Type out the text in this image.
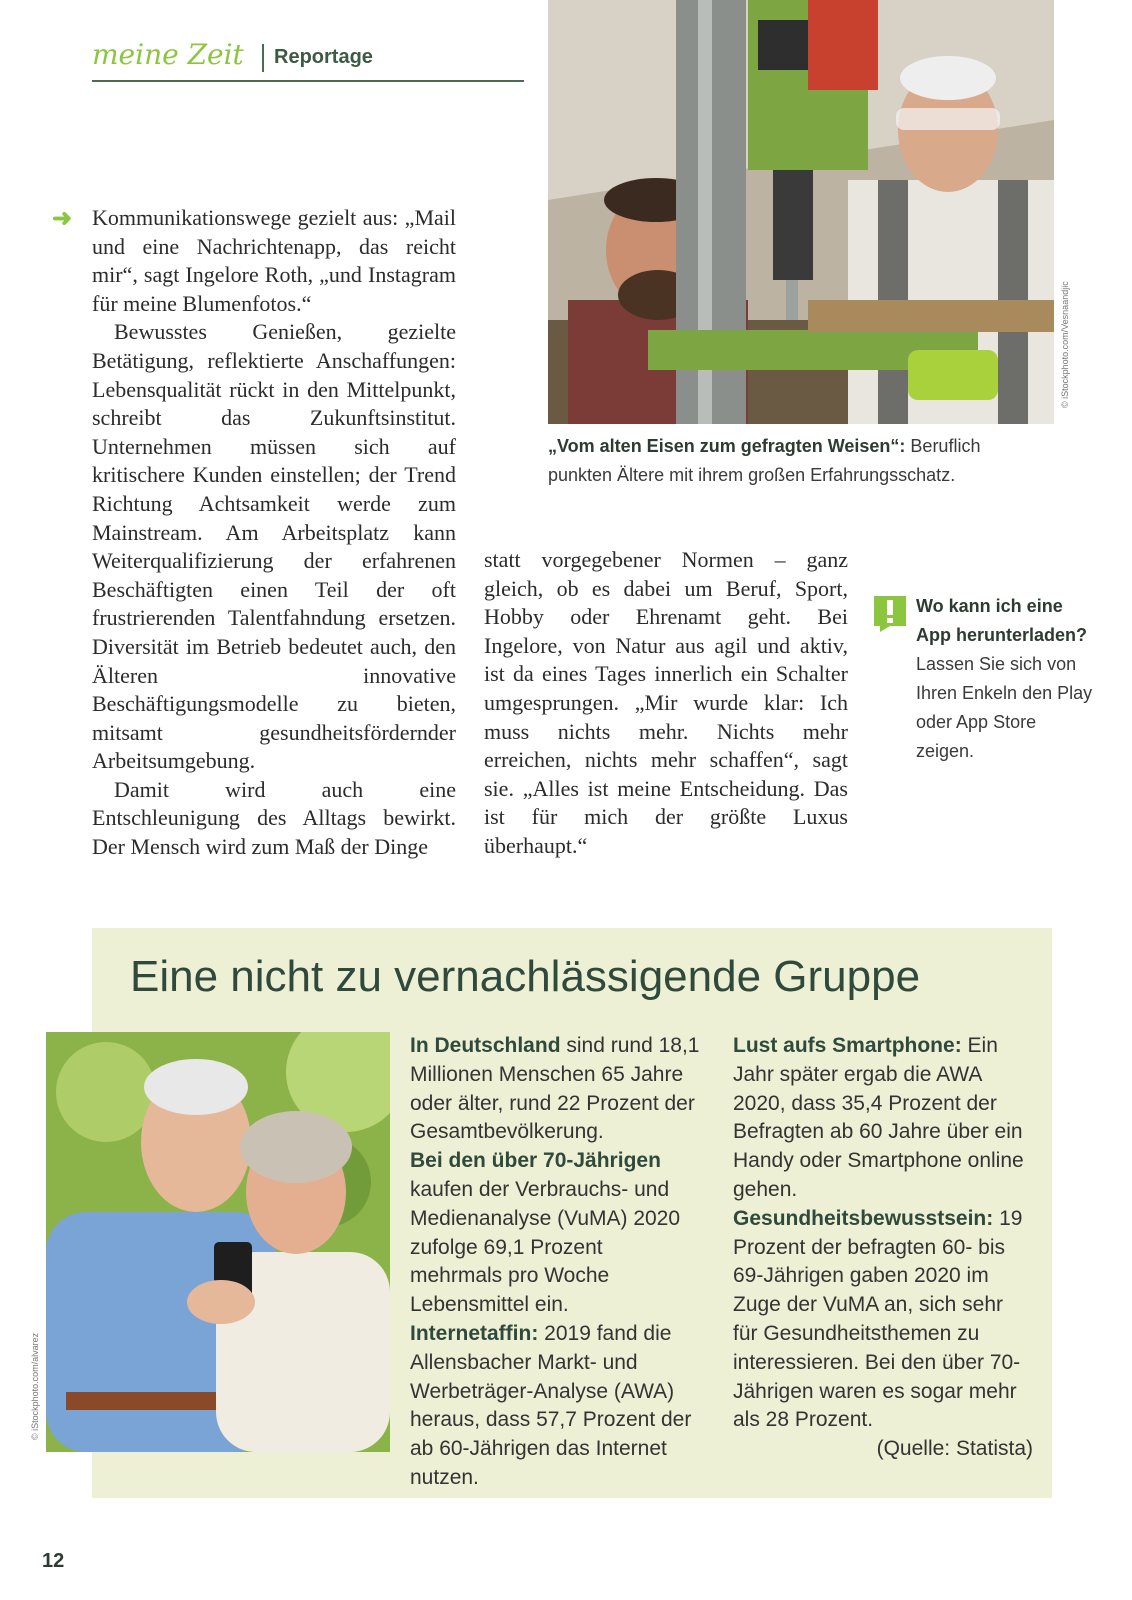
meine Zeit Reportage
© iStockphoto.com/Vesnaandjic
„Vom alten Eisen zum gefragten Weisen“: Beruflich punkten Ältere mit ihrem großen Erfahrungsschatz.
➜ Kommunikationswege gezielt aus: „Mail und eine Nachrichtenapp, das reicht mir“, sagt Ingelore Roth, „und Instagram für meine Blumenfotos.“

Bewusstes Genießen, gezielte Betätigung, reflektierte Anschaffungen: Lebensqualität rückt in den Mittelpunkt, schreibt das Zukunftsinstitut. Unternehmen müssen sich auf kritischere Kunden einstellen; der Trend Richtung Achtsamkeit werde zum Mainstream. Am Arbeitsplatz kann Weiterqualifizierung der erfahrenen Beschäftigten einen Teil der oft frustrierenden Talentfahndung ersetzen. Diversität im Betrieb bedeutet auch, den Älteren innovative Beschäftigungsmodelle zu bieten, mitsamt gesundheitsfördernder Arbeitsumgebung.

Damit wird auch eine Entschleunigung des Alltags bewirkt. Der Mensch wird zum Maß der Dinge

statt vorgegebener Normen – ganz gleich, ob es dabei um Beruf, Sport, Hobby oder Ehrenamt geht. Bei Ingelore, von Natur aus agil und aktiv, ist da eines Tages innerlich ein Schalter umgesprungen. „Mir wurde klar: Ich muss nichts mehr. Nichts mehr erreichen, nichts mehr schaffen“, sagt sie. „Alles ist meine Entscheidung. Das ist für mich der größte Luxus überhaupt.“

Wo kann ich eine App herunterladen?
Lassen Sie sich von Ihren Enkeln den Play oder App Store zeigen.
Eine nicht zu vernachlässigende Gruppe
© iStockphoto.com/alvarez

In Deutschland sind rund 18,1 Millionen Menschen 65 Jahre oder älter, rund 22 Prozent der Gesamtbevölkerung.

Bei den über 70-Jährigen kaufen der Verbrauchs- und Medienanalyse (VuMA) 2020 zufolge 69,1 Prozent mehrmals pro Woche Lebensmittel ein.

Internetaffin: 2019 fand die Allensbacher Markt- und Werbeträger-Analyse (AWA) heraus, dass 57,7 Prozent der ab 60-Jährigen das Internet nutzen.

Lust aufs Smartphone: Ein Jahr später ergab die AWA 2020, dass 35,4 Prozent der Befragten ab 60 Jahre über ein Handy oder Smartphone online gehen.

Gesundheitsbewusstsein: 19 Prozent der befragten 60- bis 69-Jährigen gaben 2020 im Zuge der VuMA an, sich sehr für Gesundheitsthemen zu interessieren. Bei den über 70-Jährigen waren es sogar mehr als 28 Prozent.

(Quelle: Statista)

12
